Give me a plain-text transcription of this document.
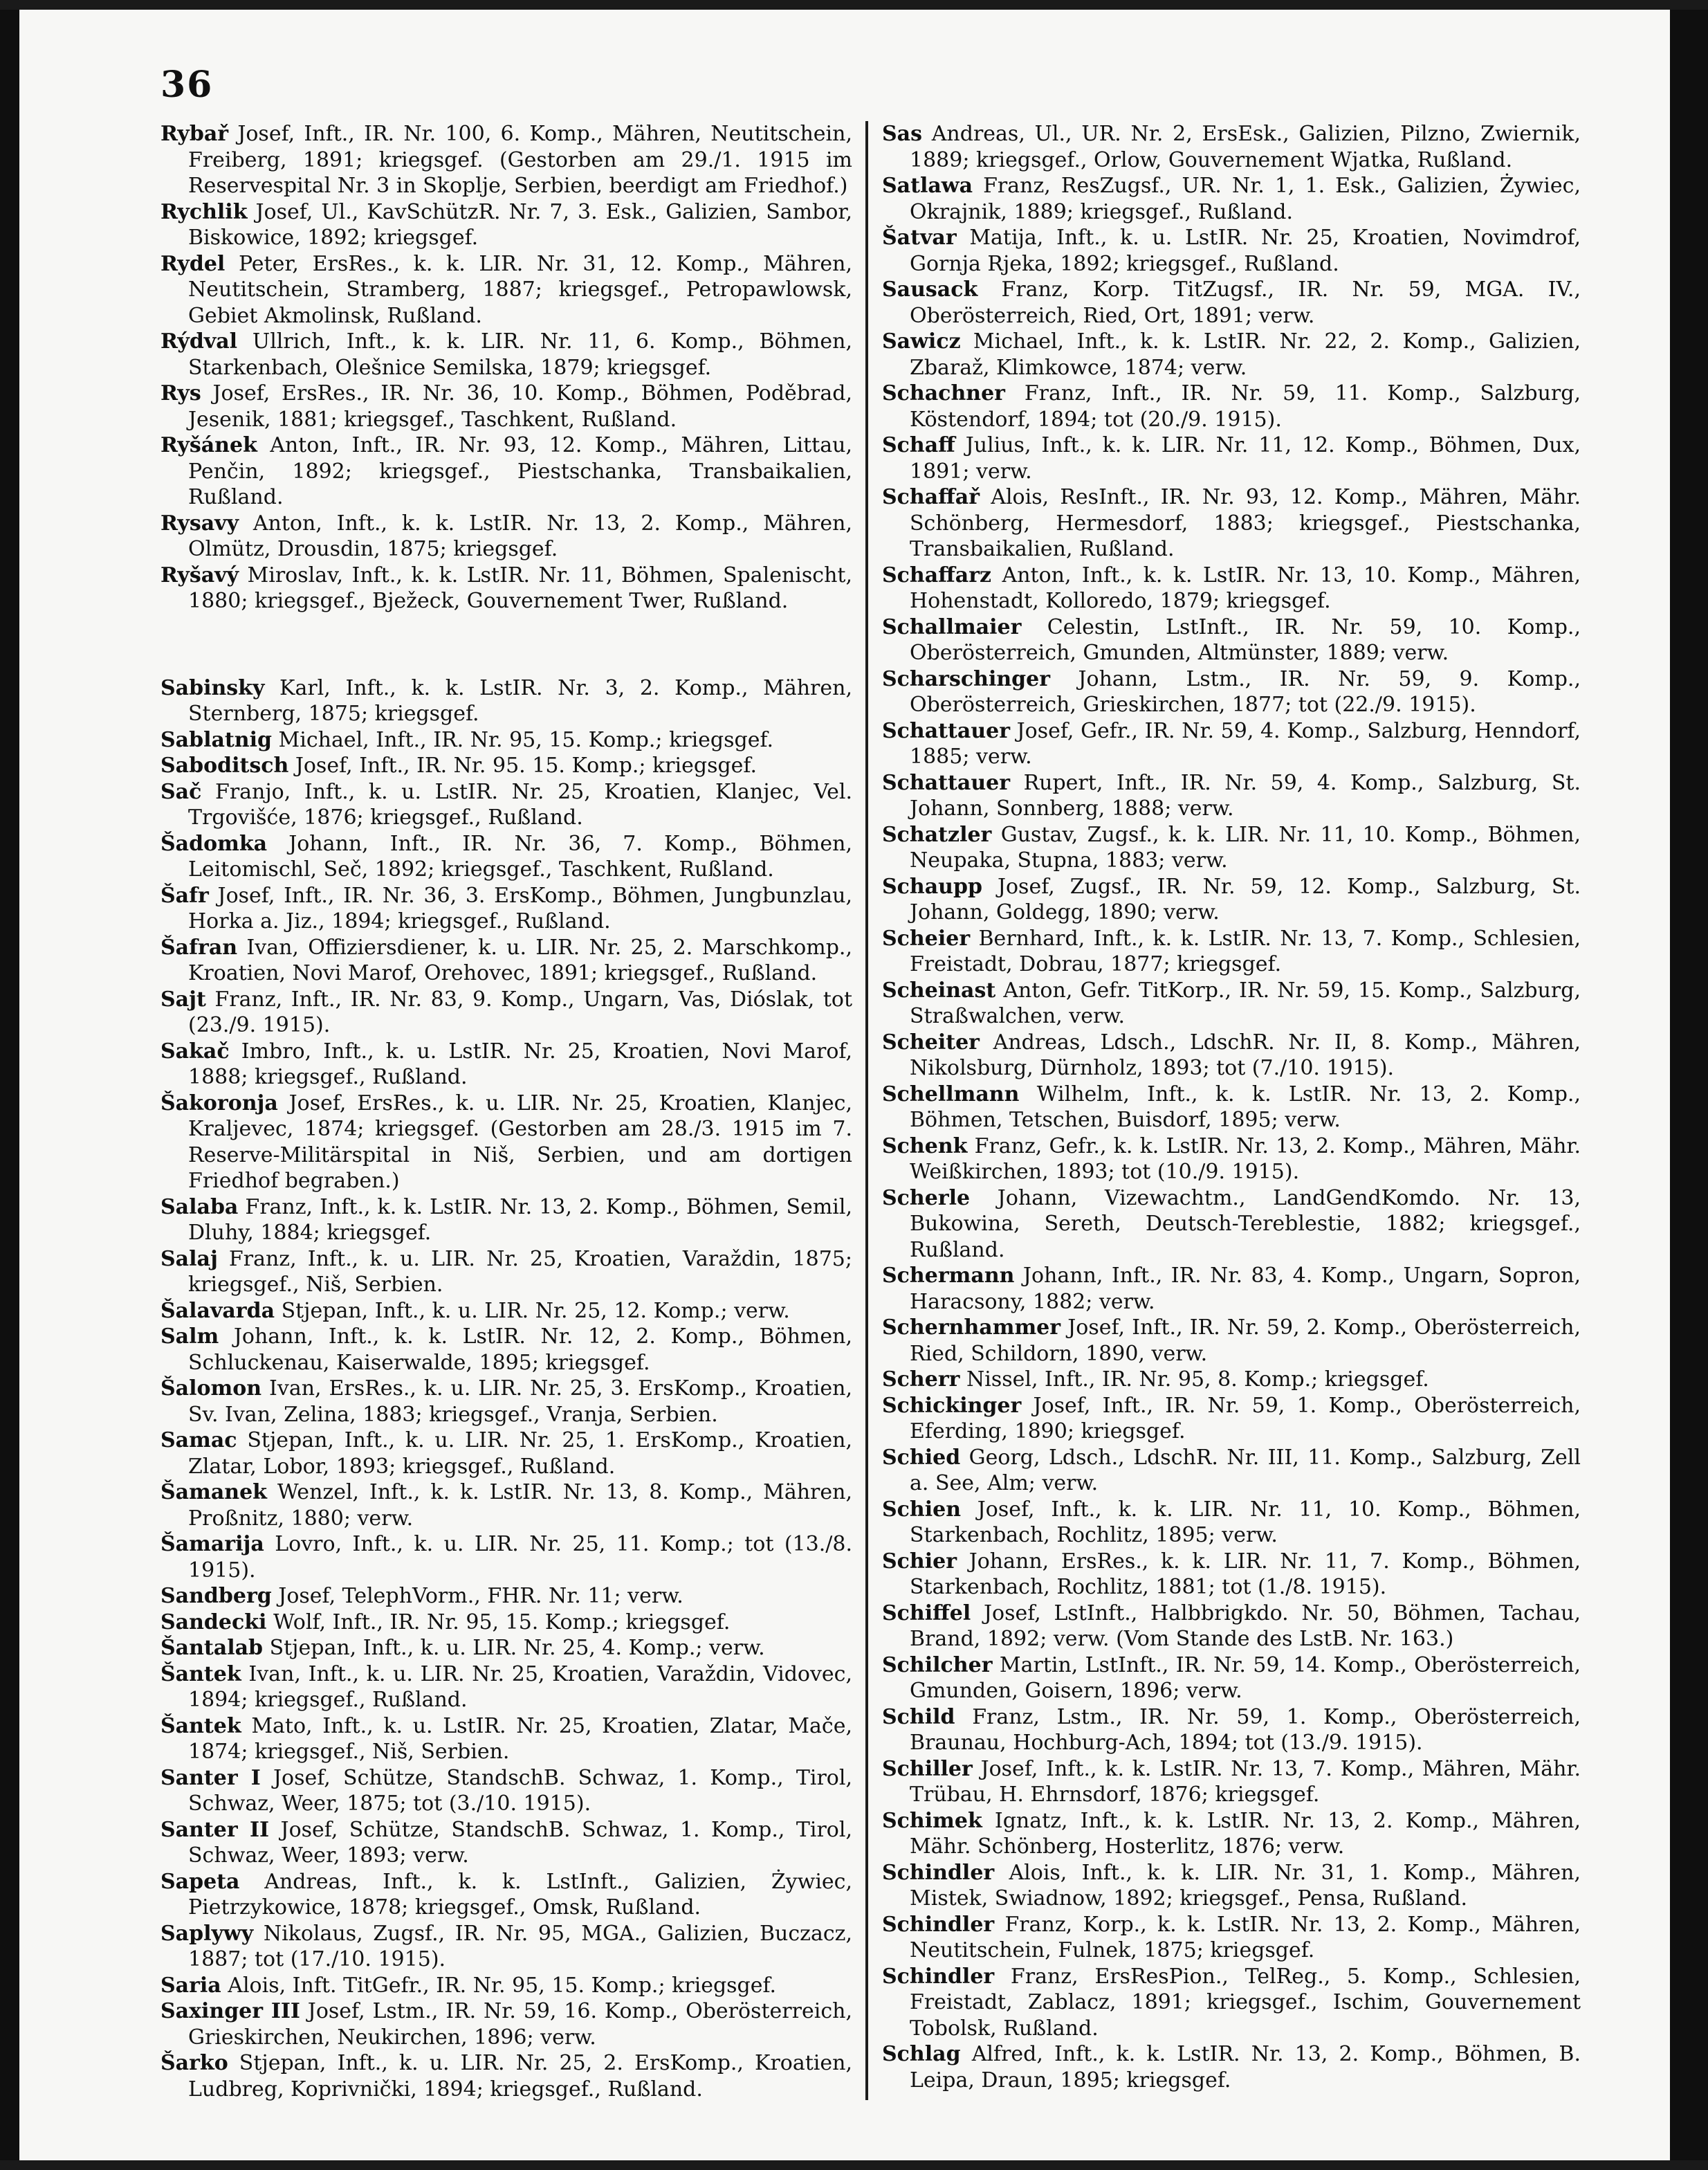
36

Rybař Josef, Inft., IR. Nr. 100, 6. Komp., Mähren, Neutitschein, Freiberg, 1891; kriegsgef. (Gestorben am 29./1. 1915 im Reservespital Nr. 3 in Skoplje, Serbien, beerdigt am Friedhof.)

Rychlik Josef, Ul., KavSchützR. Nr. 7, 3. Esk., Galizien, Sambor, Biskowice, 1892; kriegsgef.

Rydel Peter, ErsRes., k. k. LIR. Nr. 31, 12. Komp., Mähren, Neutitschein, Stramberg, 1887; kriegsgef., Petropawlowsk, Gebiet Akmolinsk, Rußland.

Rýdval Ullrich, Inft., k. k. LIR. Nr. 11, 6. Komp., Böhmen, Starkenbach, Olešnice Semilska, 1879; kriegsgef.

Rys Josef, ErsRes., IR. Nr. 36, 10. Komp., Böhmen, Poděbrad, Jesenik, 1881; kriegsgef., Taschkent, Rußland.

Ryšánek Anton, Inft., IR. Nr. 93, 12. Komp., Mähren, Littau, Penčin, 1892; kriegsgef., Piestschanka, Transbaikalien, Rußland.

Rysavy Anton, Inft., k. k. LstIR. Nr. 13, 2. Komp., Mähren, Olmütz, Drousdin, 1875; kriegsgef.

Ryšavý Miroslav, Inft., k. k. LstIR. Nr. 11, Böhmen, Spalenischt, 1880; kriegsgef., Bježeck, Gouvernement Twer, Rußland.

Sabinsky Karl, Inft., k. k. LstIR. Nr. 3, 2. Komp., Mähren, Sternberg, 1875; kriegsgef.

Sablatnig Michael, Inft., IR. Nr. 95, 15. Komp.; kriegsgef.

Saboditsch Josef, Inft., IR. Nr. 95. 15. Komp.; kriegsgef.

Sač Franjo, Inft., k. u. LstIR. Nr. 25, Kroatien, Klanjec, Vel. Trgovišće, 1876; kriegsgef., Rußland.

Šadomka Johann, Inft., IR. Nr. 36, 7. Komp., Böhmen, Leitomischl, Seč, 1892; kriegsgef., Taschkent, Rußland.

Šafr Josef, Inft., IR. Nr. 36, 3. ErsKomp., Böhmen, Jungbunzlau, Horka a. Jiz., 1894; kriegsgef., Rußland.

Šafran Ivan, Offiziersdiener, k. u. LIR. Nr. 25, 2. Marschkomp., Kroatien, Novi Marof, Orehovec, 1891; kriegsgef., Rußland.

Sajt Franz, Inft., IR. Nr. 83, 9. Komp., Ungarn, Vas, Dióslak, tot (23./9. 1915).

Sakač Imbro, Inft., k. u. LstIR. Nr. 25, Kroatien, Novi Marof, 1888; kriegsgef., Rußland.

Šakoronja Josef, ErsRes., k. u. LIR. Nr. 25, Kroatien, Klanjec, Kraljevec, 1874; kriegsgef. (Gestorben am 28./3. 1915 im 7. Reserve-Militärspital in Niš, Serbien, und am dortigen Friedhof begraben.)

Salaba Franz, Inft., k. k. LstIR. Nr. 13, 2. Komp., Böhmen, Semil, Dluhy, 1884; kriegsgef.

Salaj Franz, Inft., k. u. LIR. Nr. 25, Kroatien, Varaždin, 1875; kriegsgef., Niš, Serbien.

Šalavarda Stjepan, Inft., k. u. LIR. Nr. 25, 12. Komp.; verw.

Salm Johann, Inft., k. k. LstIR. Nr. 12, 2. Komp., Böhmen, Schluckenau, Kaiserwalde, 1895; kriegsgef.

Šalomon Ivan, ErsRes., k. u. LIR. Nr. 25, 3. ErsKomp., Kroatien, Sv. Ivan, Zelina, 1883; kriegsgef., Vranja, Serbien.

Samac Stjepan, Inft., k. u. LIR. Nr. 25, 1. ErsKomp., Kroatien, Zlatar, Lobor, 1893; kriegsgef., Rußland.

Šamanek Wenzel, Inft., k. k. LstIR. Nr. 13, 8. Komp., Mähren, Proßnitz, 1880; verw.

Šamarija Lovro, Inft., k. u. LIR. Nr. 25, 11. Komp.; tot (13./8. 1915).

Sandberg Josef, TelephVorm., FHR. Nr. 11; verw.

Sandecki Wolf, Inft., IR. Nr. 95, 15. Komp.; kriegsgef.

Šantalab Stjepan, Inft., k. u. LIR. Nr. 25, 4. Komp.; verw.

Šantek Ivan, Inft., k. u. LIR. Nr. 25, Kroatien, Varaždin, Vidovec, 1894; kriegsgef., Rußland.

Šantek Mato, Inft., k. u. LstIR. Nr. 25, Kroatien, Zlatar, Mače, 1874; kriegsgef., Niš, Serbien.

Santer I Josef, Schütze, StandschB. Schwaz, 1. Komp., Tirol, Schwaz, Weer, 1875; tot (3./10. 1915).

Santer II Josef, Schütze, StandschB. Schwaz, 1. Komp., Tirol, Schwaz, Weer, 1893; verw.

Sapeta Andreas, Inft., k. k. LstInft., Galizien, Żywiec, Pietrzykowice, 1878; kriegsgef., Omsk, Rußland.

Saplywy Nikolaus, Zugsf., IR. Nr. 95, MGA., Galizien, Buczacz, 1887; tot (17./10. 1915).

Saria Alois, Inft. TitGefr., IR. Nr. 95, 15. Komp.; kriegsgef.

Saxinger III Josef, Lstm., IR. Nr. 59, 16. Komp., Oberösterreich, Grieskirchen, Neukirchen, 1896; verw.

Šarko Stjepan, Inft., k. u. LIR. Nr. 25, 2. ErsKomp., Kroatien, Ludbreg, Koprivnički, 1894; kriegsgef., Rußland.

Sas Andreas, Ul., UR. Nr. 2, ErsEsk., Galizien, Pilzno, Zwiernik, 1889; kriegsgef., Orlow, Gouvernement Wjatka, Rußland.

Satlawa Franz, ResZugsf., UR. Nr. 1, 1. Esk., Galizien, Żywiec, Okrajnik, 1889; kriegsgef., Rußland.

Šatvar Matija, Inft., k. u. LstIR. Nr. 25, Kroatien, Novimdrof, Gornja Rjeka, 1892; kriegsgef., Rußland.

Sausack Franz, Korp. TitZugsf., IR. Nr. 59, MGA. IV., Oberösterreich, Ried, Ort, 1891; verw.

Sawicz Michael, Inft., k. k. LstIR. Nr. 22, 2. Komp., Galizien, Zbaraž, Klimkowce, 1874; verw.

Schachner Franz, Inft., IR. Nr. 59, 11. Komp., Salzburg, Köstendorf, 1894; tot (20./9. 1915).

Schaff Julius, Inft., k. k. LIR. Nr. 11, 12. Komp., Böhmen, Dux, 1891; verw.

Schaffař Alois, ResInft., IR. Nr. 93, 12. Komp., Mähren, Mähr. Schönberg, Hermesdorf, 1883; kriegsgef., Piestschanka, Transbaikalien, Rußland.

Schaffarz Anton, Inft., k. k. LstIR. Nr. 13, 10. Komp., Mähren, Hohenstadt, Kolloredo, 1879; kriegsgef.

Schallmaier Celestin, LstInft., IR. Nr. 59, 10. Komp., Oberösterreich, Gmunden, Altmünster, 1889; verw.

Scharschinger Johann, Lstm., IR. Nr. 59, 9. Komp., Oberösterreich, Grieskirchen, 1877; tot (22./9. 1915).

Schattauer Josef, Gefr., IR. Nr. 59, 4. Komp., Salzburg, Henndorf, 1885; verw.

Schattauer Rupert, Inft., IR. Nr. 59, 4. Komp., Salzburg, St. Johann, Sonnberg, 1888; verw.

Schatzler Gustav, Zugsf., k. k. LIR. Nr. 11, 10. Komp., Böhmen, Neupaka, Stupna, 1883; verw.

Schaupp Josef, Zugsf., IR. Nr. 59, 12. Komp., Salzburg, St. Johann, Goldegg, 1890; verw.

Scheier Bernhard, Inft., k. k. LstIR. Nr. 13, 7. Komp., Schlesien, Freistadt, Dobrau, 1877; kriegsgef.

Scheinast Anton, Gefr. TitKorp., IR. Nr. 59, 15. Komp., Salzburg, Straßwalchen, verw.

Scheiter Andreas, Ldsch., LdschR. Nr. II, 8. Komp., Mähren, Nikolsburg, Dürnholz, 1893; tot (7./10. 1915).

Schellmann Wilhelm, Inft., k. k. LstIR. Nr. 13, 2. Komp., Böhmen, Tetschen, Buisdorf, 1895; verw.

Schenk Franz, Gefr., k. k. LstIR. Nr. 13, 2. Komp., Mähren, Mähr. Weißkirchen, 1893; tot (10./9. 1915).

Scherle Johann, Vizewachtm., LandGendKomdo. Nr. 13, Bukowina, Sereth, Deutsch-Tereblestie, 1882; kriegsgef., Rußland.

Schermann Johann, Inft., IR. Nr. 83, 4. Komp., Ungarn, Sopron, Haracsony, 1882; verw.

Schernhammer Josef, Inft., IR. Nr. 59, 2. Komp., Oberösterreich, Ried, Schildorn, 1890, verw.

Scherr Nissel, Inft., IR. Nr. 95, 8. Komp.; kriegsgef.

Schickinger Josef, Inft., IR. Nr. 59, 1. Komp., Oberösterreich, Eferding, 1890; kriegsgef.

Schied Georg, Ldsch., LdschR. Nr. III, 11. Komp., Salzburg, Zell a. See, Alm; verw.

Schien Josef, Inft., k. k. LIR. Nr. 11, 10. Komp., Böhmen, Starkenbach, Rochlitz, 1895; verw.

Schier Johann, ErsRes., k. k. LIR. Nr. 11, 7. Komp., Böhmen, Starkenbach, Rochlitz, 1881; tot (1./8. 1915).

Schiffel Josef, LstInft., Halbbrigkdo. Nr. 50, Böhmen, Tachau, Brand, 1892; verw. (Vom Stande des LstB. Nr. 163.)

Schilcher Martin, LstInft., IR. Nr. 59, 14. Komp., Oberösterreich, Gmunden, Goisern, 1896; verw.

Schild Franz, Lstm., IR. Nr. 59, 1. Komp., Oberösterreich, Braunau, Hochburg-Ach, 1894; tot (13./9. 1915).

Schiller Josef, Inft., k. k. LstIR. Nr. 13, 7. Komp., Mähren, Mähr. Trübau, H. Ehrnsdorf, 1876; kriegsgef.

Schimek Ignatz, Inft., k. k. LstIR. Nr. 13, 2. Komp., Mähren, Mähr. Schönberg, Hosterlitz, 1876; verw.

Schindler Alois, Inft., k. k. LIR. Nr. 31, 1. Komp., Mähren, Mistek, Swiadnow, 1892; kriegsgef., Pensa, Rußland.

Schindler Franz, Korp., k. k. LstIR. Nr. 13, 2. Komp., Mähren, Neutitschein, Fulnek, 1875; kriegsgef.

Schindler Franz, ErsResPion., TelReg., 5. Komp., Schlesien, Freistadt, Zablacz, 1891; kriegsgef., Ischim, Gouvernement Tobolsk, Rußland.

Schlag Alfred, Inft., k. k. LstIR. Nr. 13, 2. Komp., Böhmen, B. Leipa, Draun, 1895; kriegsgef.
